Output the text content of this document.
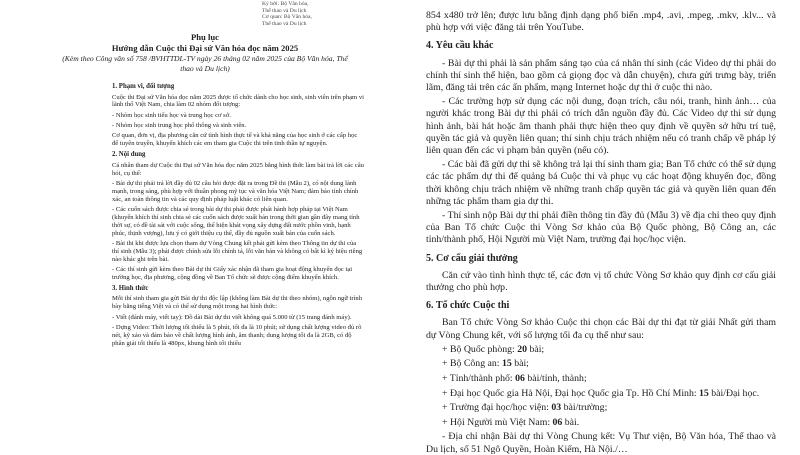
Ký bởi: Bộ Văn hóa,
Thể thao và Du lịch
Cơ quan: Bộ Văn hóa,
Thể thao và Du lịch
Phụ lục
Hướng dẫn Cuộc thi Đại sứ Văn hóa đọc năm 2025
(Kèm theo Công văn số 758 /BVHTTDL-TV ngày 26 tháng 02 năm 2025 của Bộ Văn hóa, Thể thao và Du lịch)
1. Phạm vi, đối tượng

Cuộc thi Đại sứ Văn hóa đọc năm 2025 được tổ chức dành cho học sinh, sinh viên trên phạm vi lãnh thổ Việt Nam, chia làm 02 nhóm đối tượng:

- Nhóm học sinh tiểu học và trung học cơ sở.

- Nhóm học sinh trung học phổ thông và sinh viên.

Cơ quan, đơn vị, địa phương căn cứ tình hình thực tế và khả năng của học sinh ở các cấp học để tuyên truyền, khuyến khích các em tham gia Cuộc thi trên tinh thần tự nguyện.

2. Nội dung

Cá nhân tham dự Cuộc thi Đại sứ Văn hóa đọc năm 2025 bằng hình thức làm bài trả lời các câu hỏi, cụ thể:

- Bài dự thi phải trả lời đầy đủ 02 câu hỏi được đặt ra trong Đề thi (Mẫu 2), có nội dung lành mạnh, trong sáng, phù hợp với thuần phong mỹ tục và văn hóa Việt Nam; đảm bảo tính chính xác, an toàn thông tin và các quy định pháp luật khác có liên quan.

- Các cuốn sách được chia sẻ trong bài dự thi phải được phát hành hợp pháp tại Việt Nam (khuyến khích thí sinh chia sẻ các cuốn sách được xuất bản trong thời gian gần đây mang tính thời sự, có đề tài sát với cuộc sống, thể hiện khát vọng xây dựng đất nước phồn vinh, hạnh phúc, thịnh vượng), lưu ý có giới thiệu cụ thể, đầy đủ nguồn xuất bản của cuốn sách.

- Bài thi khi được lựa chọn tham dự Vòng Chung kết phải gửi kèm theo Thông tin dự thi của thí sinh (Mẫu 3); phải được chỉnh sửa lỗi chính tả, lỗi văn bản và không có bất kì ký hiệu riêng nào khác ghi trên bài.

- Các thí sinh gửi kèm theo Bài dự thi Giấy xác nhận đã tham gia hoạt động khuyến đọc tại trường học, địa phương, cộng đồng về Ban Tổ chức sẽ được cộng điểm khuyến khích.

3. Hình thức

Mỗi thí sinh tham gia gửi Bài dự thi độc lập (không làm Bài dự thi theo nhóm), ngôn ngữ trình bày bằng tiếng Việt và có thể sử dụng một trong hai hình thức:

- Viết (đánh máy, viết tay): Đồ dài Bài dự thi viết không quá 5.000 từ (15 trang đánh máy).

- Dựng Video: Thời lượng tối thiểu là 5 phút, tối đa là 10 phút; sử dụng chất lượng video đủ rõ nét, kỹ xảo và đảm bảo về chất lượng hình ảnh, âm thanh; dung lượng tối đa là 2GB, có độ phân giải tối thiểu là 480px, khung hình tối thiểu

854 x480 trở lên; được lưu bằng định dạng phổ biến .mp4, .avi, .mpeg, .mkv, .klv... và phù hợp với việc đăng tải trên YouTube.

4. Yêu cầu khác

- Bài dự thi phải là sản phẩm sáng tạo của cá nhân thí sinh (các Video dự thi phải do chính thí sinh thể hiện, bao gồm cả giọng đọc và dẫn chuyện), chưa gửi trưng bày, triển lãm, đăng tải trên các ấn phẩm, mạng Internet hoặc dự thi ở cuộc thi nào.

- Các trường hợp sử dụng các nội dung, đoạn trích, câu nói, tranh, hình ảnh… của người khác trong Bài dự thi phải có trích dẫn nguồn đầy đủ. Các Video dự thi sử dụng hình ảnh, bài hát hoặc âm thanh phải thực hiện theo quy định về quyền sở hữu trí tuệ, quyền tác giả và quyền liên quan; thí sinh chịu trách nhiệm nếu có tranh chấp về pháp lý liên quan đến các vi phạm bản quyền (nếu có).

- Các bài đã gửi dự thi sẽ không trả lại thí sinh tham gia; Ban Tổ chức có thể sử dụng các tác phẩm dự thi để quảng bá Cuộc thi và phục vụ các hoạt động khuyến đọc, đồng thời không chịu trách nhiệm về những tranh chấp quyền tác giả và quyền liên quan đến những tác phẩm tham gia dự thi.

- Thí sinh nộp Bài dự thi phải điền thông tin đầy đủ (Mẫu 3) về địa chỉ theo quy định của Ban Tổ chức Cuộc thi Vòng Sơ khảo của Bộ Quốc phòng, Bộ Công an, các tỉnh/thành phố, Hội Người mù Việt Nam, trường đại học/học viện.

5. Cơ cấu giải thưởng

Căn cứ vào tình hình thực tế, các đơn vị tổ chức Vòng Sơ khảo quy định cơ cấu giải thưởng cho phù hợp.

6. Tổ chức Cuộc thi

Ban Tổ chức Vòng Sơ khảo Cuộc thi chọn các Bài dự thi đạt từ giải Nhất gửi tham dự Vòng Chung kết, với số lượng tối đa cụ thể như sau:

+ Bộ Quốc phòng: 20 bài;
+ Bộ Công an: 15 bài;
+ Tỉnh/thành phố: 06 bài/tỉnh, thành;
+ Đại học Quốc gia Hà Nội, Đại học Quốc gia Tp. Hồ Chí Minh: 15 bài/Đại học.
+ Trường đại học/học viện: 03 bài/trường;
+ Hội Người mù Việt Nam: 06 bài.

- Địa chỉ nhận Bài dự thi Vòng Chung kết: Vụ Thư viện, Bộ Văn hóa, Thể thao và Du lịch, số 51 Ngô Quyền, Hoàn Kiếm, Hà Nội./…
